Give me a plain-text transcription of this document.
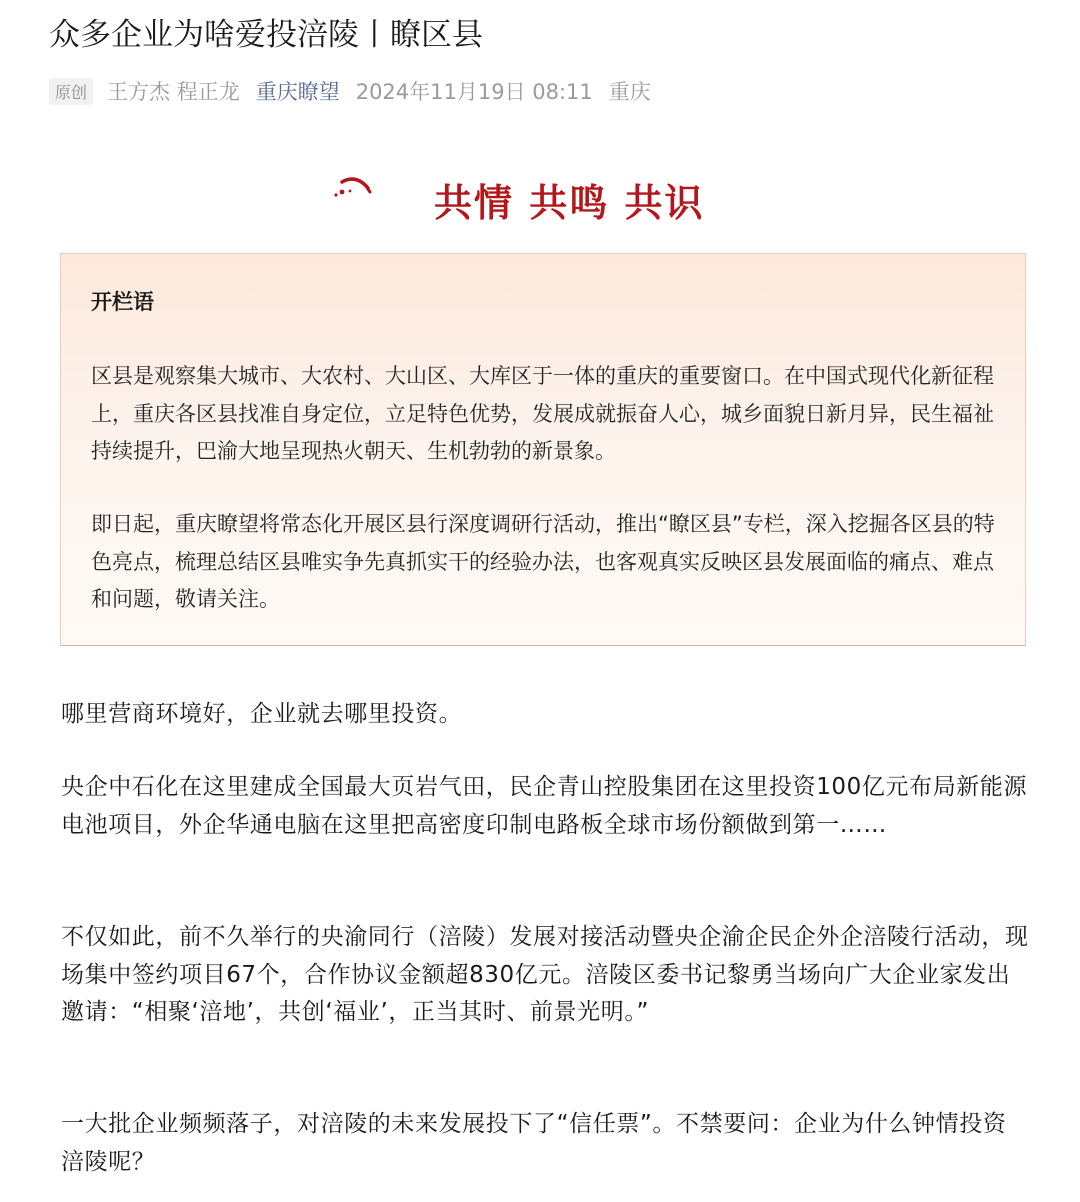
众多企业为啥爱投涪陵丨瞭区县
原创 王方杰 程正龙 重庆瞭望 2024年11月19日 08:11 重庆
共情 共鸣 共识
开栏语

区县是观察集大城市、大农村、大山区、大库区于一体的重庆的重要窗口。在中国式现代化新征程上，重庆各区县找准自身定位，立足特色优势，发展成就振奋人心，城乡面貌日新月异，民生福祉持续提升，巴渝大地呈现热火朝天、生机勃勃的新景象。

即日起，重庆瞭望将常态化开展区县行深度调研行活动，推出“瞭区县”专栏，深入挖掘各区县的特色亮点，梳理总结区县唯实争先真抓实干的经验办法，也客观真实反映区县发展面临的痛点、难点和问题，敬请关注。

哪里营商环境好，企业就去哪里投资。

央企中石化在这里建成全国最大页岩气田，民企青山控股集团在这里投资100亿元布局新能源电池项目，外企华通电脑在这里把高密度印制电路板全球市场份额做到第一……

不仅如此，前不久举行的央渝同行（涪陵）发展对接活动暨央企渝企民企外企涪陵行活动，现场集中签约项目67个，合作协议金额超830亿元。涪陵区委书记黎勇当场向广大企业家发出邀请：“相聚‘涪地’，共创‘福业’，正当其时、前景光明。”

一大批企业频频落子，对涪陵的未来发展投下了“信任票”。不禁要问：企业为什么钟情投资涪陵呢？
